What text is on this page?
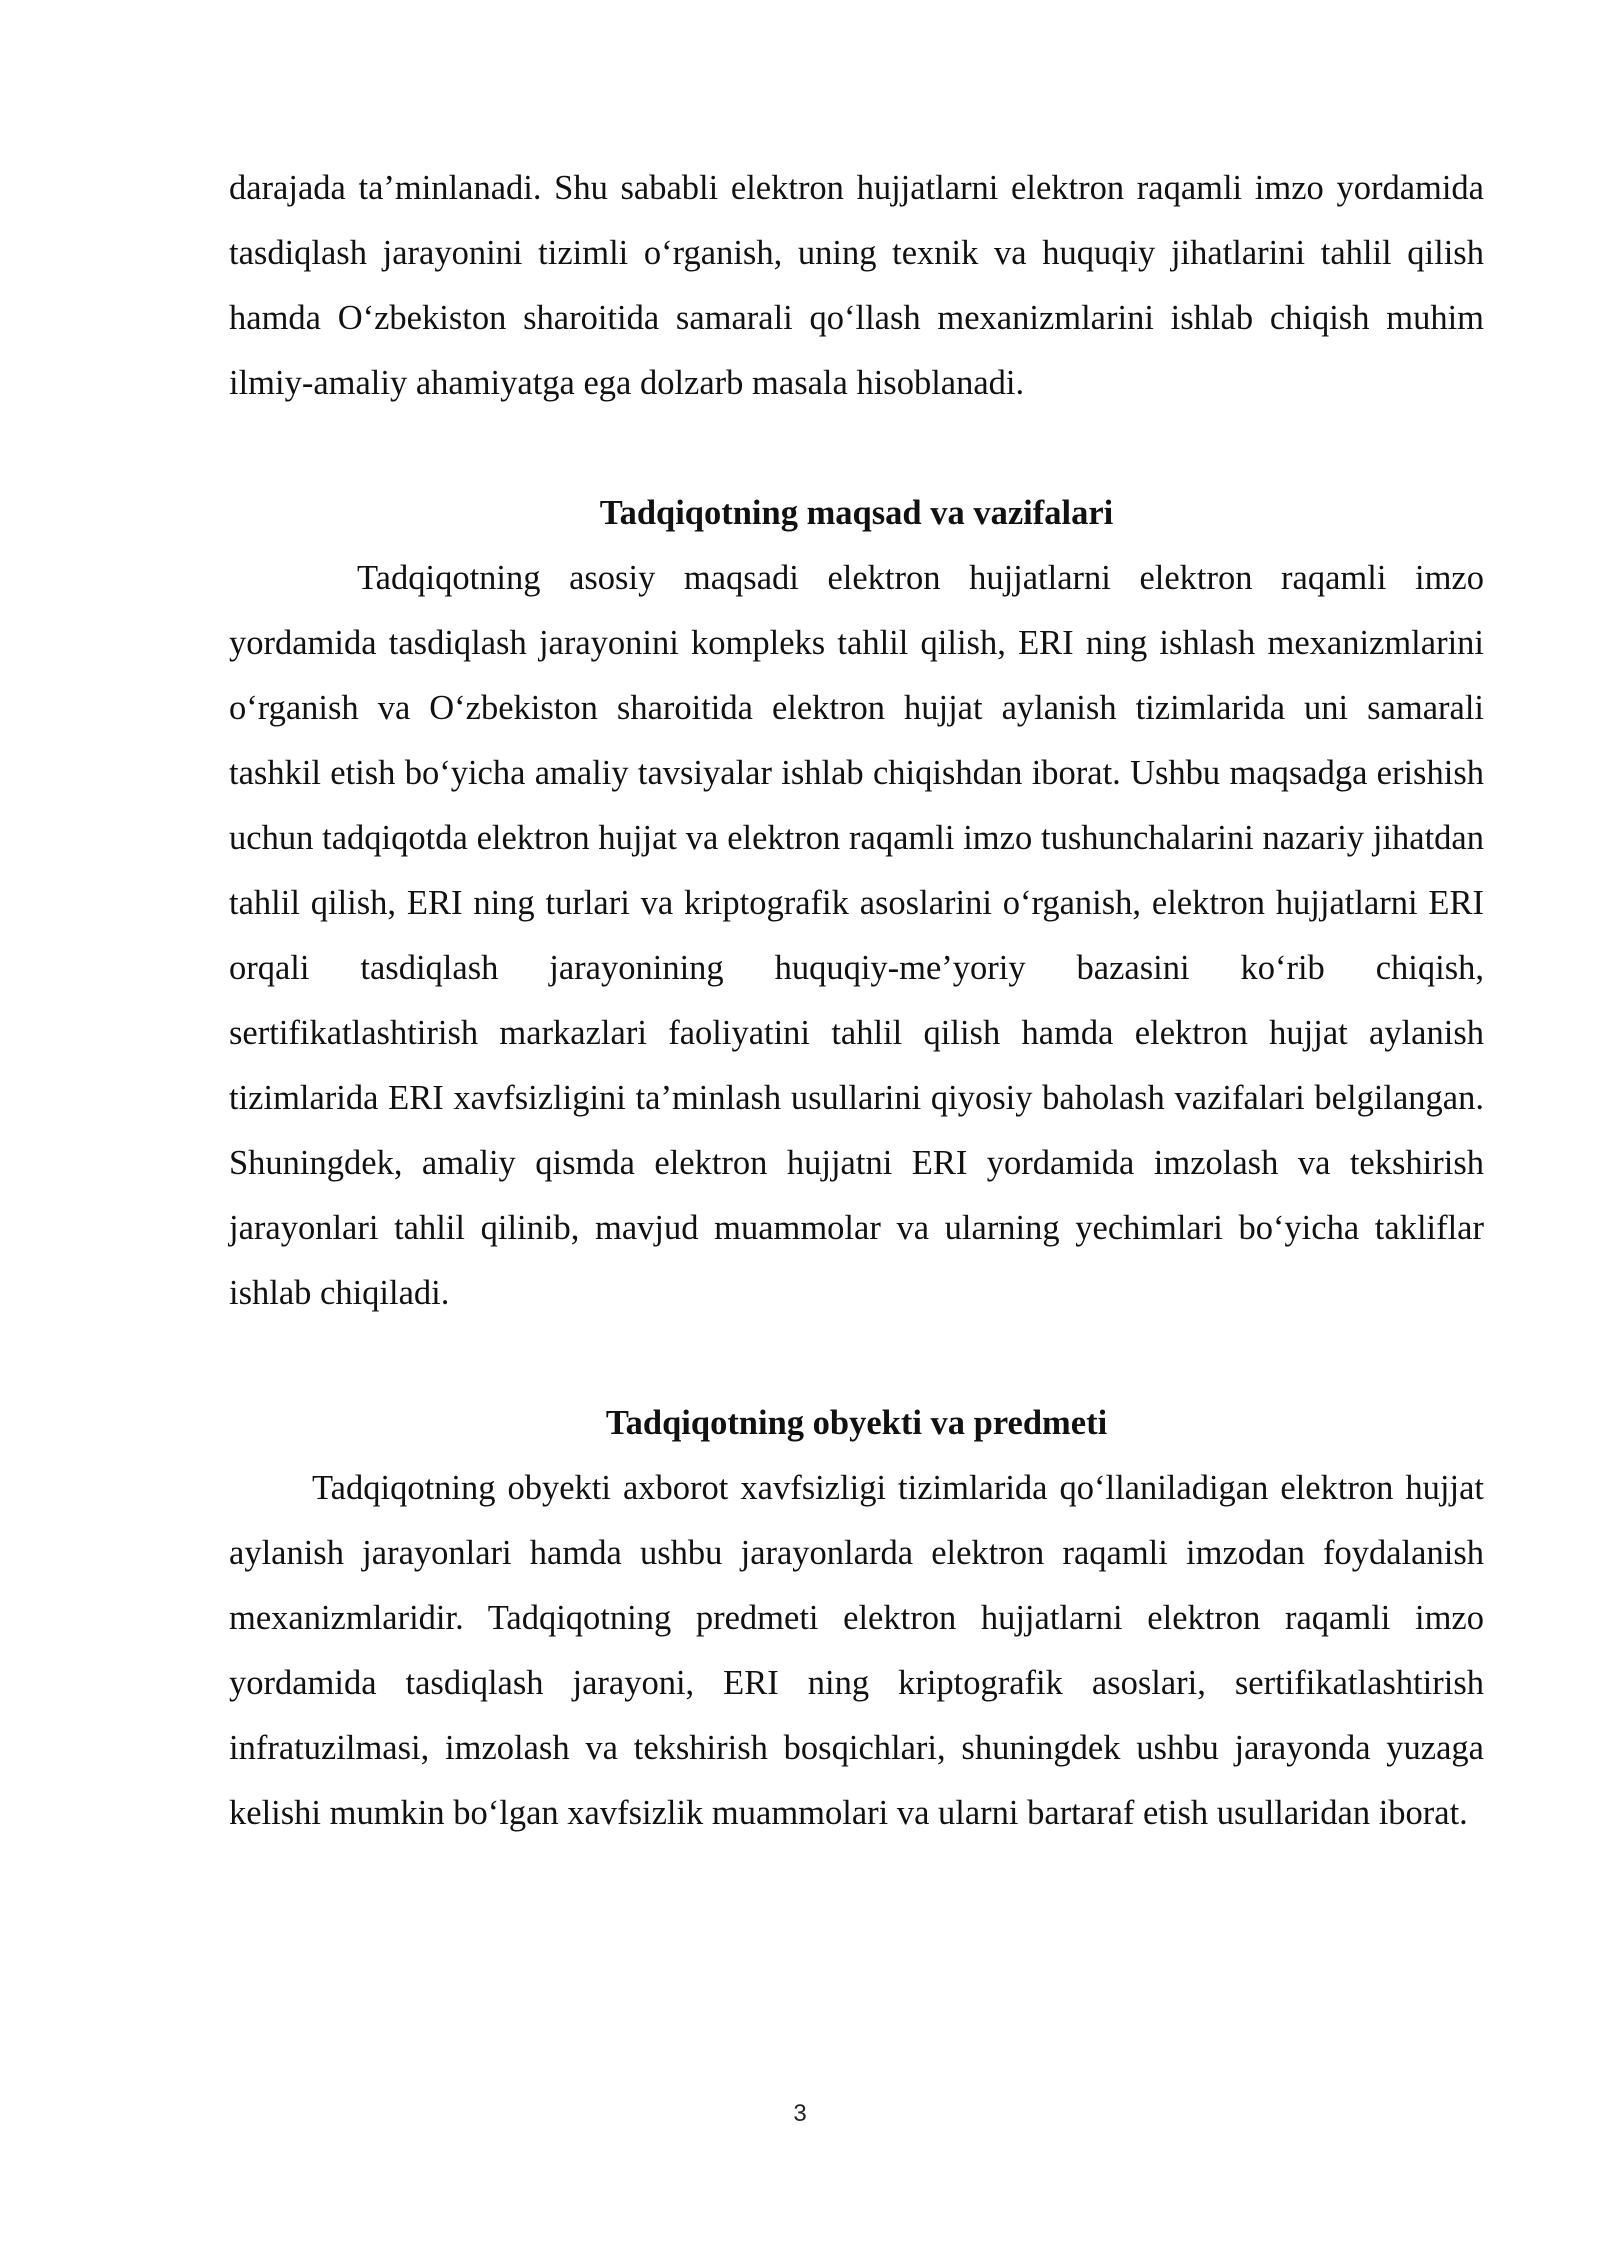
darajada ta’minlanadi. Shu sababli elektron hujjatlarni elektron raqamli imzo yordamida tasdiqlash jarayonini tizimli o‘rganish, uning texnik va huquqiy jihatlarini tahlil qilish hamda O‘zbekiston sharoitida samarali qo‘llash mexanizmlarini ishlab chiqish muhim ilmiy-amaliy ahamiyatga ega dolzarb masala hisoblanadi.

Tadqiqotning maqsad va vazifalari

Tadqiqotning asosiy maqsadi elektron hujjatlarni elektron raqamli imzo yordamida tasdiqlash jarayonini kompleks tahlil qilish, ERI ning ishlash mexanizmlarini o‘rganish va O‘zbekiston sharoitida elektron hujjat aylanish tizimlarida uni samarali tashkil etish bo‘yicha amaliy tavsiyalar ishlab chiqishdan iborat. Ushbu maqsadga erishish uchun tadqiqotda elektron hujjat va elektron raqamli imzo tushunchalarini nazariy jihatdan tahlil qilish, ERI ning turlari va kriptografik asoslarini o‘rganish, elektron hujjatlarni ERI orqali tasdiqlash jarayonining huquqiy-me’yoriy bazasini ko‘rib chiqish, sertifikatlashtirish markazlari faoliyatini tahlil qilish hamda elektron hujjat aylanish tizimlarida ERI xavfsizligini ta’minlash usullarini qiyosiy baholash vazifalari belgilangan. Shuningdek, amaliy qismda elektron hujjatni ERI yordamida imzolash va tekshirish jarayonlari tahlil qilinib, mavjud muammolar va ularning yechimlari bo‘yicha takliflar ishlab chiqiladi.

Tadqiqotning obyekti va predmeti

Tadqiqotning obyekti axborot xavfsizligi tizimlarida qo‘llaniladigan elektron hujjat aylanish jarayonlari hamda ushbu jarayonlarda elektron raqamli imzodan foydalanish mexanizmlaridir. Tadqiqotning predmeti elektron hujjatlarni elektron raqamli imzo yordamida tasdiqlash jarayoni, ERI ning kriptografik asoslari, sertifikatlashtirish infratuzilmasi, imzolash va tekshirish bosqichlari, shuningdek ushbu jarayonda yuzaga kelishi mumkin bo‘lgan xavfsizlik muammolari va ularni bartaraf etish usullaridan iborat.

3
